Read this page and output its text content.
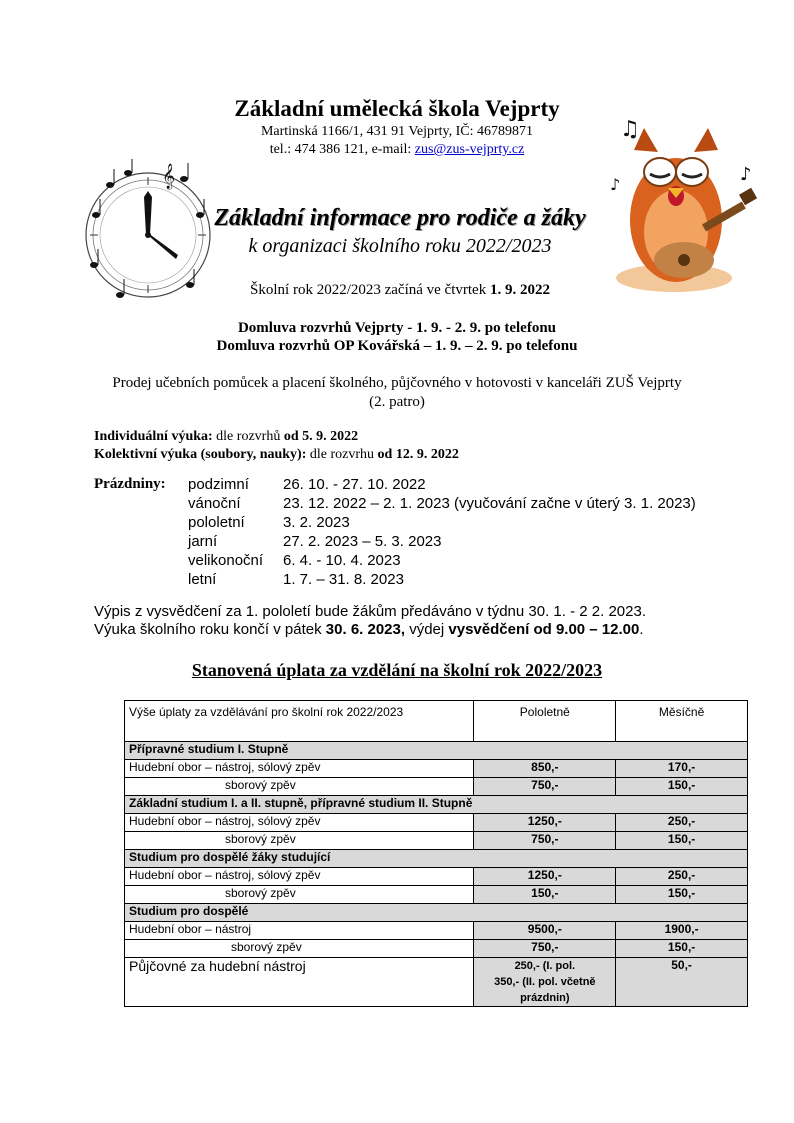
Základní umělecká škola Vejprty
Martinská 1166/1, 431 91 Vejprty, IČ: 46789871
tel.: 474 386 121, e-mail: zus@zus-vejprty.cz
𝄞
♫
♪
♪
Základní informace pro rodiče a žáky
k organizaci školního roku 2022/2023
Školní rok 2022/2023 začíná ve čtvrtek 1. 9. 2022
Domluva rozvrhů Vejprty - 1. 9. - 2. 9. po telefonu
Domluva rozvrhů OP Kovářská – 1. 9. – 2. 9. po telefonu
Prodej učebních pomůcek a placení školného, půjčovného v hotovosti v kanceláři ZUŠ Vejprty (2. patro)
Individuální výuka: dle rozvrhů od 5. 9. 2022
Kolektivní výuka (soubory, nauky): dle rozvrhu od 12. 9. 2022
Prázdniny: podzimní	26. 10. - 27. 10. 2022
vánoční	23. 12. 2022 – 2. 1. 2023 (vyučování začne v úterý 3. 1. 2023)
pololetní	3. 2. 2023
jarní	27. 2. 2023 – 5. 3. 2023
velikonoční	6. 4. - 10. 4. 2023
letní	1. 7. – 31. 8. 2023
Výpis z vysvědčení za 1. pololetí bude žákům předáváno v týdnu 30. 1. - 2 2. 2023.
Výuka školního roku končí v pátek 30. 6. 2023, výdej vysvědčení od 9.00 – 12.00.
Stanovená úplata za vzdělání na školní rok 2022/2023
Výše úplaty za vzdělávání pro školní rok 2022/2023	Pololetně	Měsíčně
Přípravné studium I. Stupně		
Hudební obor – nástroj, sólový zpěv	850,-	170,-
sborový zpěv	750,-	150,-
Základní studium I. a II. stupně, přípravné studium II. Stupně		
Hudební obor – nástroj, sólový zpěv	1250,-	250,-
sborový zpěv	750,-	150,-
Studium pro dospělé žáky studující		
Hudební obor – nástroj, sólový zpěv	1250,-	250,-
sborový zpěv	150,-	150,-
Studium pro dospělé		
Hudební obor – nástroj	9500,-	1900,-
sborový zpěv	750,-	150,-
Půjčovné za hudební nástroj	250,- (I. pol.
350,- (II. pol. včetně
prázdnin)	50,-
